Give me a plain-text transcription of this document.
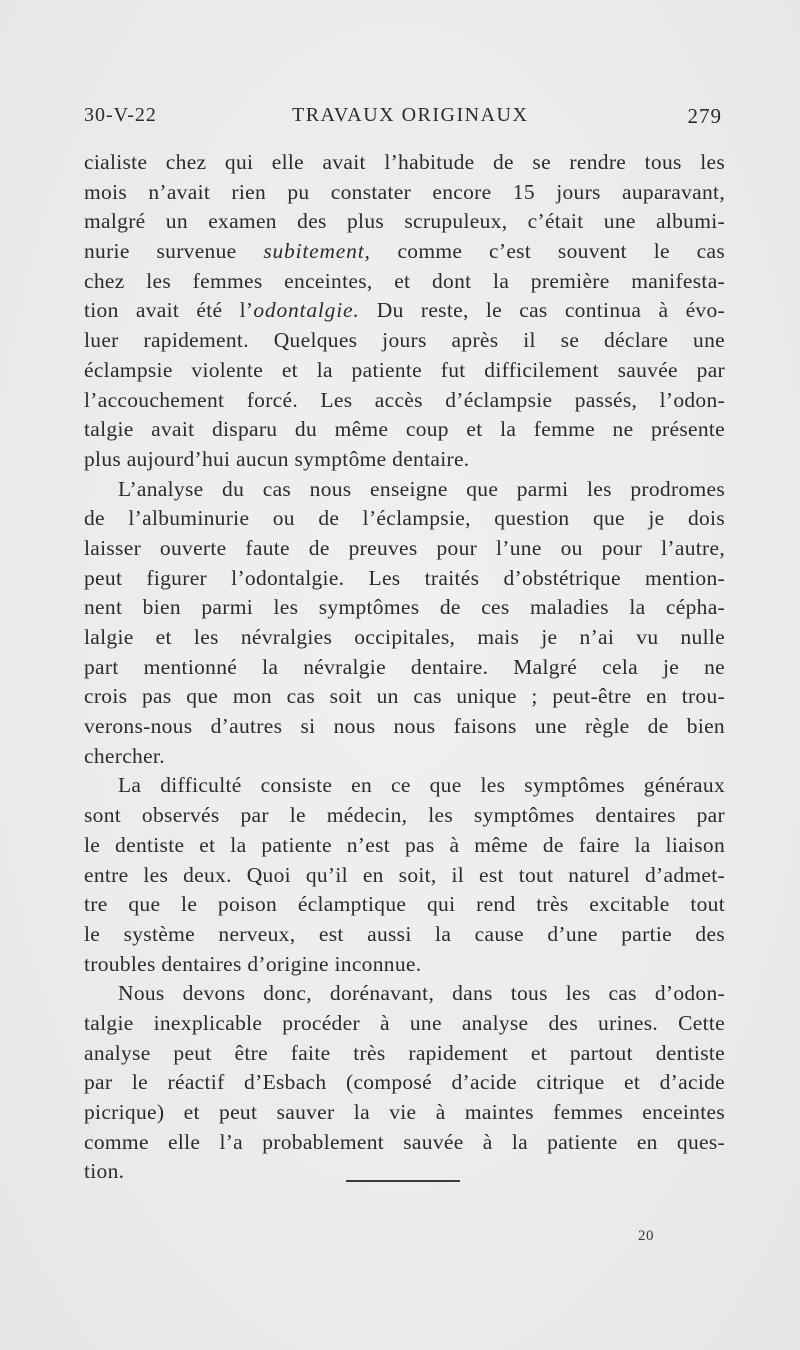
30-V-22	TRAVAUX ORIGINAUX	279
cialiste chez qui elle avait l’habitude de se rendre tous les
mois n’avait rien pu constater encore 15 jours auparavant,
malgré un examen des plus scrupuleux, c’était une albumi-
nurie survenue subitement, comme c’est souvent le cas
chez les femmes enceintes, et dont la première manifesta-
tion avait été l’odontalgie. Du reste, le cas continua à évo-
luer rapidement. Quelques jours après il se déclare une
éclampsie violente et la patiente fut difficilement sauvée par
l’accouchement forcé. Les accès d’éclampsie passés, l’odon-
talgie avait disparu du même coup et la femme ne présente
plus aujourd’hui aucun symptôme dentaire.
L’analyse du cas nous enseigne que parmi les prodromes
de l’albuminurie ou de l’éclampsie, question que je dois
laisser ouverte faute de preuves pour l’une ou pour l’autre,
peut figurer l’odontalgie. Les traités d’obstétrique mention-
nent bien parmi les symptômes de ces maladies la cépha-
lalgie et les névralgies occipitales, mais je n’ai vu nulle
part mentionné la névralgie dentaire. Malgré cela je ne
crois pas que mon cas soit un cas unique ; peut-être en trou-
verons-nous d’autres si nous nous faisons une règle de bien
chercher.
La difficulté consiste en ce que les symptômes généraux
sont observés par le médecin, les symptômes dentaires par
le dentiste et la patiente n’est pas à même de faire la liaison
entre les deux. Quoi qu’il en soit, il est tout naturel d’admet-
tre que le poison éclamptique qui rend très excitable tout
le système nerveux, est aussi la cause d’une partie des
troubles dentaires d’origine inconnue.
Nous devons donc, dorénavant, dans tous les cas d’odon-
talgie inexplicable procéder à une analyse des urines. Cette
analyse peut être faite très rapidement et partout dentiste
par le réactif d’Esbach (composé d’acide citrique et d’acide
picrique) et peut sauver la vie à maintes femmes enceintes
comme elle l’a probablement sauvée à la patiente en ques-
tion.
20
